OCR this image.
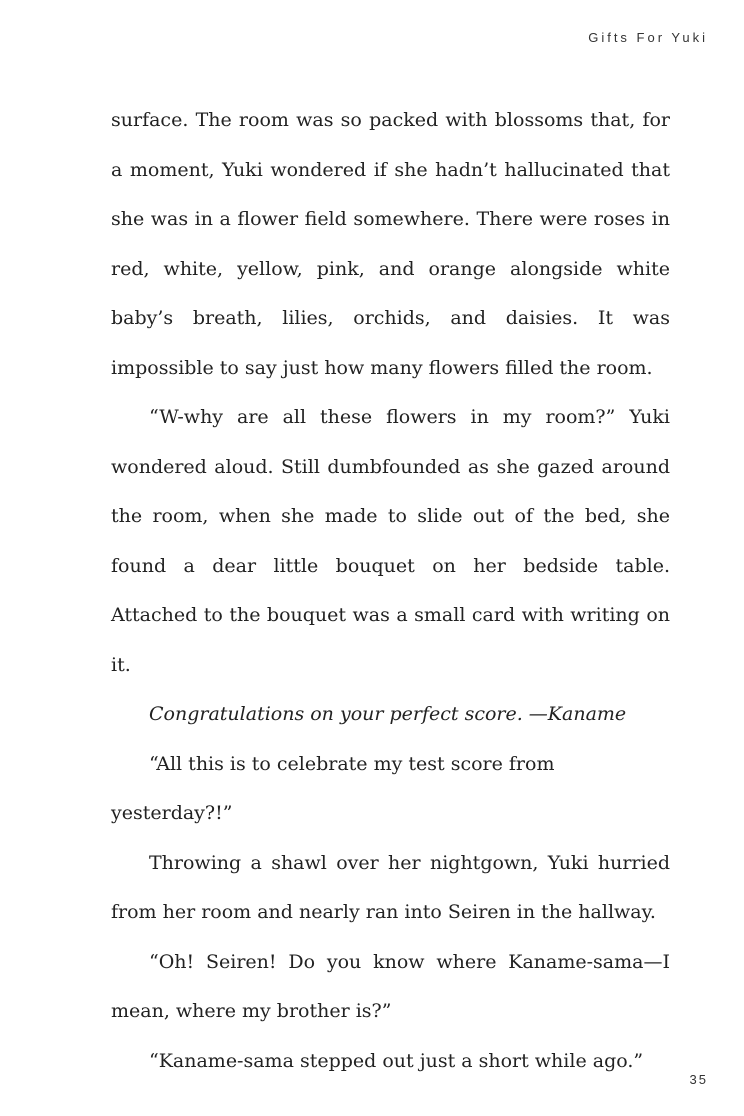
Gifts For Yuki

surface. The room was so packed with blossoms that, for a moment, Yuki wondered if she hadn’t hallucinated that she was in a flower field somewhere. There were roses in red, white, yellow, pink, and orange alongside white baby’s breath, lilies, orchids, and daisies. It was impossible to say just how many flowers filled the room.

“W-why are all these flowers in my room?” Yuki wondered aloud. Still dumbfounded as she gazed around the room, when she made to slide out of the bed, she found a dear little bouquet on her bedside table. Attached to the bouquet was a small card with writing on it.

Congratulations on your perfect score. —Kaname

“All this is to celebrate my test score from yesterday?!”

Throwing a shawl over her nightgown, Yuki hurried from her room and nearly ran into Seiren in the hallway.

“Oh! Seiren! Do you know where Kaname-sama—I mean, where my brother is?”

“Kaname-sama stepped out just a short while ago.”

35
